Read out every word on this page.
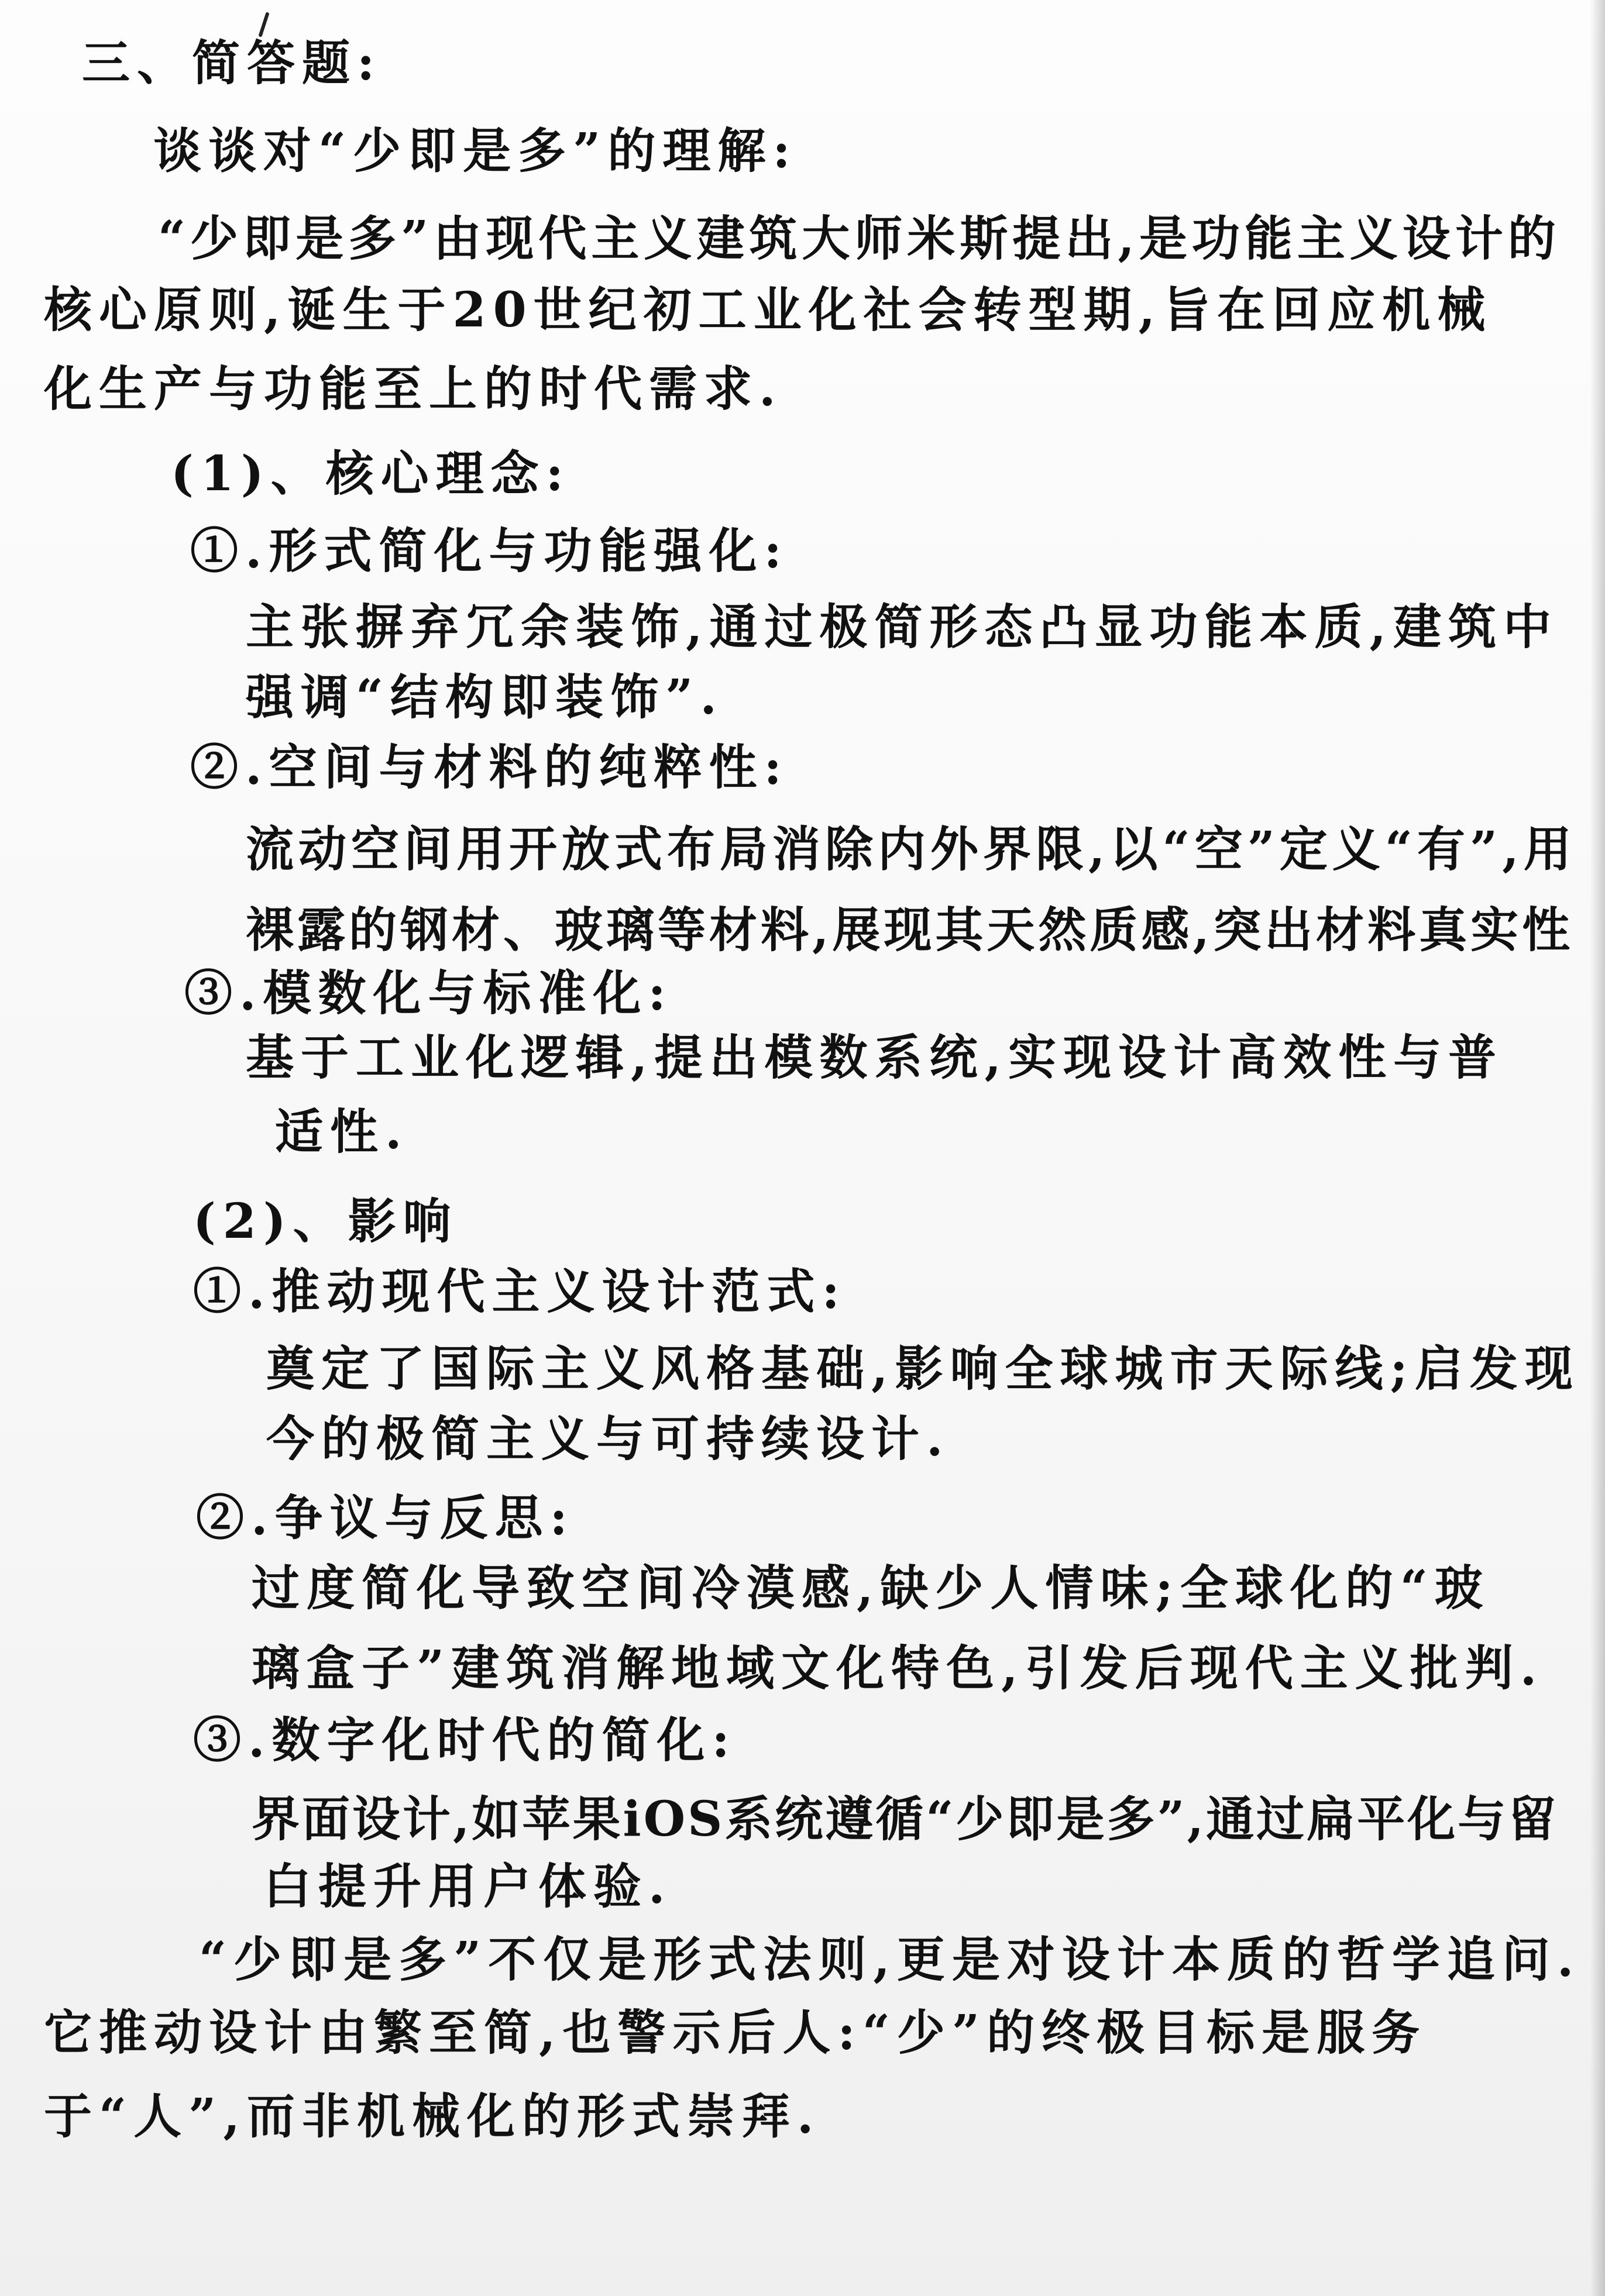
三、简答题:
谈谈对“少即是多”的理解:
“少即是多”由现代主义建筑大师米斯提出,是功能主义设计的
核心原则,诞生于20世纪初工业化社会转型期,旨在回应机械
化生产与功能至上的时代需求.
(1)、核心理念:
①.形式简化与功能强化:
主张摒弃冗余装饰,通过极简形态凸显功能本质,建筑中
强调“结构即装饰”.
②.空间与材料的纯粹性:
流动空间用开放式布局消除内外界限,以“空”定义“有”,用
裸露的钢材、玻璃等材料,展现其天然质感,突出材料真实性
③.模数化与标准化:
基于工业化逻辑,提出模数系统,实现设计高效性与普
适性.
(2)、影响
①.推动现代主义设计范式:
奠定了国际主义风格基础,影响全球城市天际线;启发现
今的极简主义与可持续设计.
②.争议与反思:
过度简化导致空间冷漠感,缺少人情味;全球化的“玻
璃盒子”建筑消解地域文化特色,引发后现代主义批判.
③.数字化时代的简化:
界面设计,如苹果iOS系统遵循“少即是多”,通过扁平化与留
白提升用户体验.
“少即是多”不仅是形式法则,更是对设计本质的哲学追问.
它推动设计由繁至简,也警示后人:“少”的终极目标是服务
于“人”,而非机械化的形式崇拜.
